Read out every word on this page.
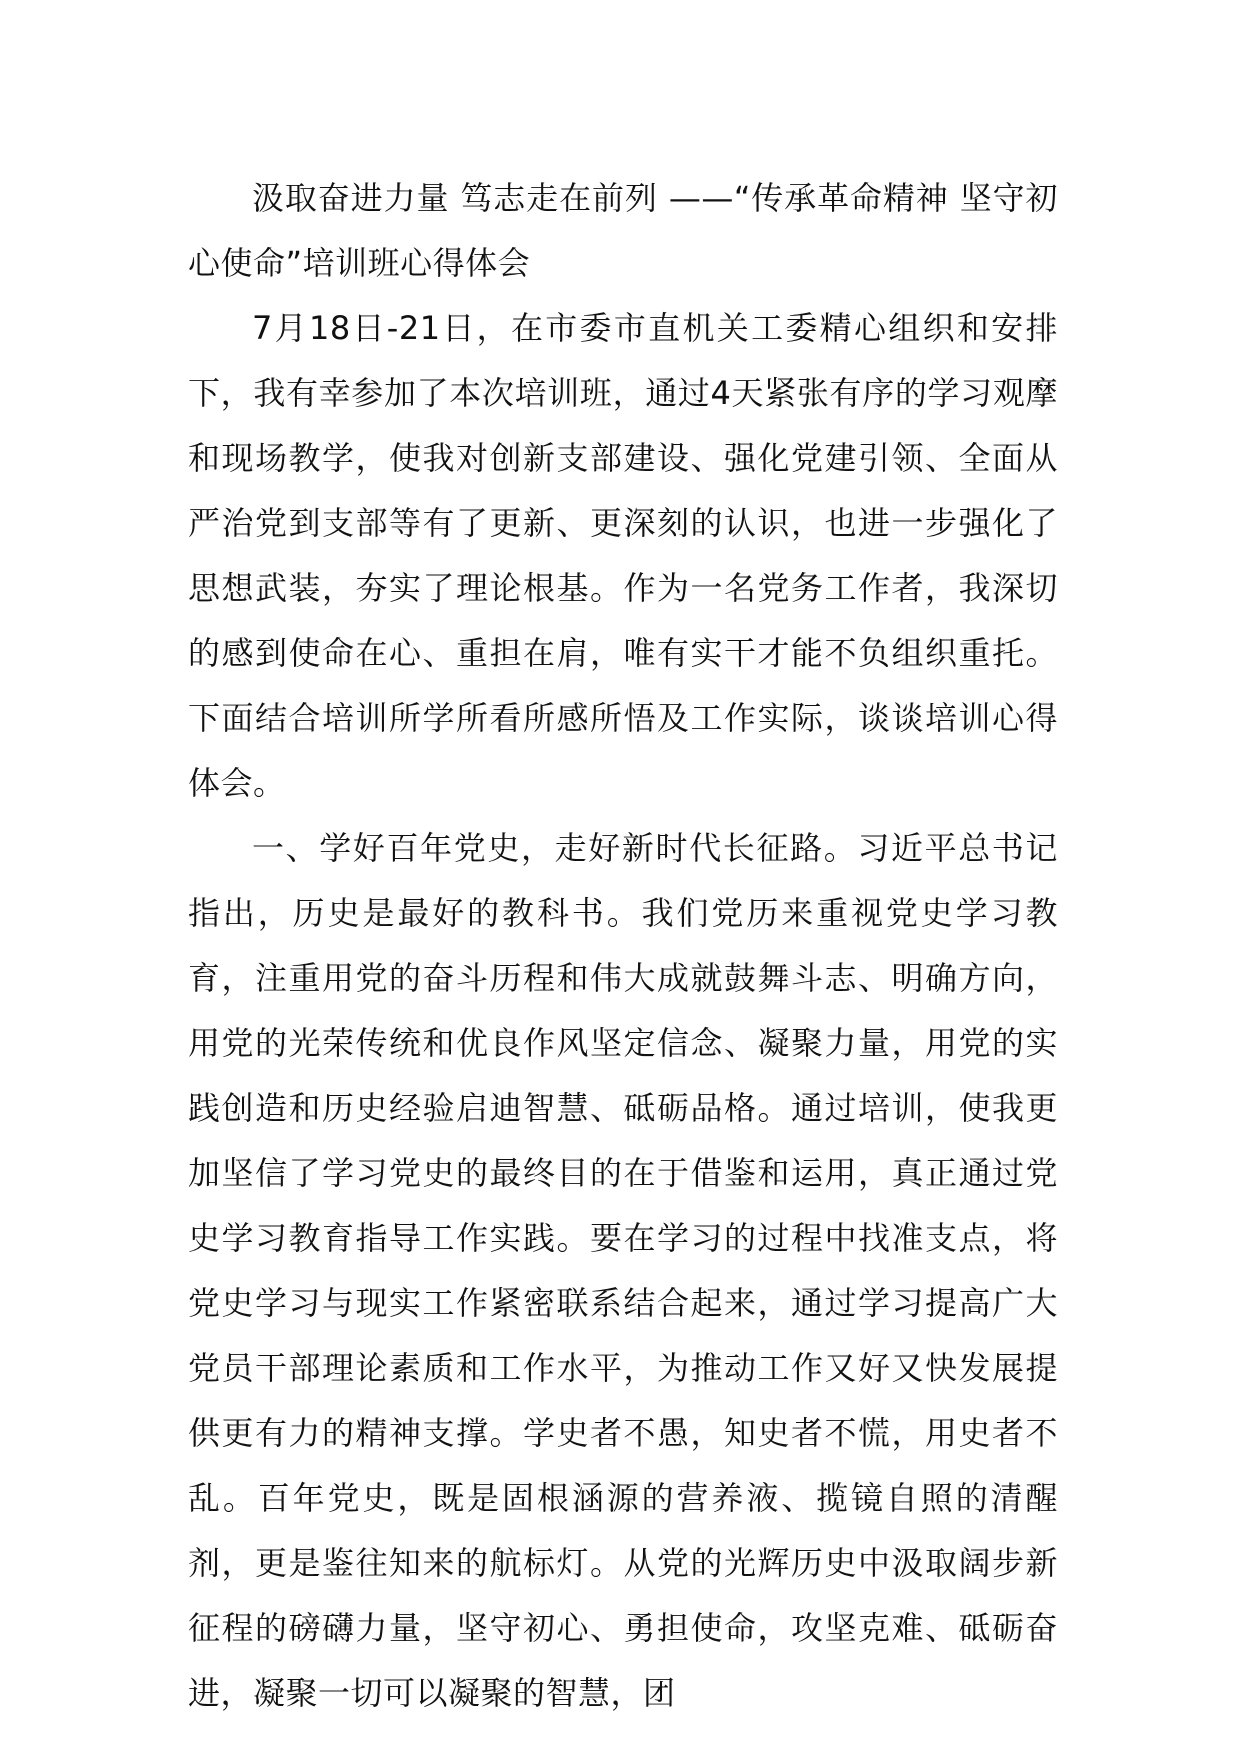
汲取奋进力量 笃志走在前列 ——“传承革命精神 坚守初心使命”培训班心得体会

7月18日-21日，在市委市直机关工委精心组织和安排下，我有幸参加了本次培训班，通过4天紧张有序的学习观摩和现场教学，使我对创新支部建设、强化党建引领、全面从严治党到支部等有了更新、更深刻的认识，也进一步强化了思想武装，夯实了理论根基。作为一名党务工作者，我深切的感到使命在心、重担在肩，唯有实干才能不负组织重托。下面结合培训所学所看所感所悟及工作实际，谈谈培训心得体会。

一、学好百年党史，走好新时代长征路。习近平总书记指出，历史是最好的教科书。我们党历来重视党史学习教育，注重用党的奋斗历程和伟大成就鼓舞斗志、明确方向，用党的光荣传统和优良作风坚定信念、凝聚力量，用党的实践创造和历史经验启迪智慧、砥砺品格。通过培训，使我更加坚信了学习党史的最终目的在于借鉴和运用，真正通过党史学习教育指导工作实践。要在学习的过程中找准支点，将党史学习与现实工作紧密联系结合起来，通过学习提高广大党员干部理论素质和工作水平，为推动工作又好又快发展提供更有力的精神支撑。学史者不愚，知史者不慌，用史者不乱。百年党史，既是固根涵源的营养液、揽镜自照的清醒剂，更是鉴往知来的航标灯。从党的光辉历史中汲取阔步新征程的磅礴力量，坚守初心、勇担使命，攻坚克难、砥砺奋进，凝聚一切可以凝聚的智慧，团
